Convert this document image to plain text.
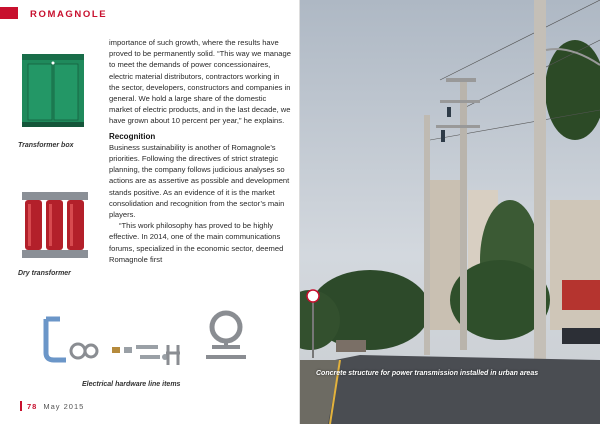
ROMAGNOLE
Transformer box
Dry transformer

importance of such growth, where the results have proved to be permanently solid. “This way we manage to meet the demands of power concessionaires, electric material distributors, contractors working in the sector, developers, constructors and companies in general. We hold a large share of the domestic market of electric products, and in the last decade, we have grown about 10 percent per year,” he explains.

Recognition

Business sustainability is another of Romagnole’s priorities. Following the directives of strict strategic planning, the company follows judicious analyses so actions are as assertive as possible and development stands positive. As an evidence of it is the market consolidation and recognition from the sector’s main players.

“This work philosophy has proved to be highly effective. In 2014, one of the main communications forums, specialized in the economic sector, deemed Romagnole first

Electrical hardware line items
78 May 2015
Concrete structure for power transmission installed in urban areas
